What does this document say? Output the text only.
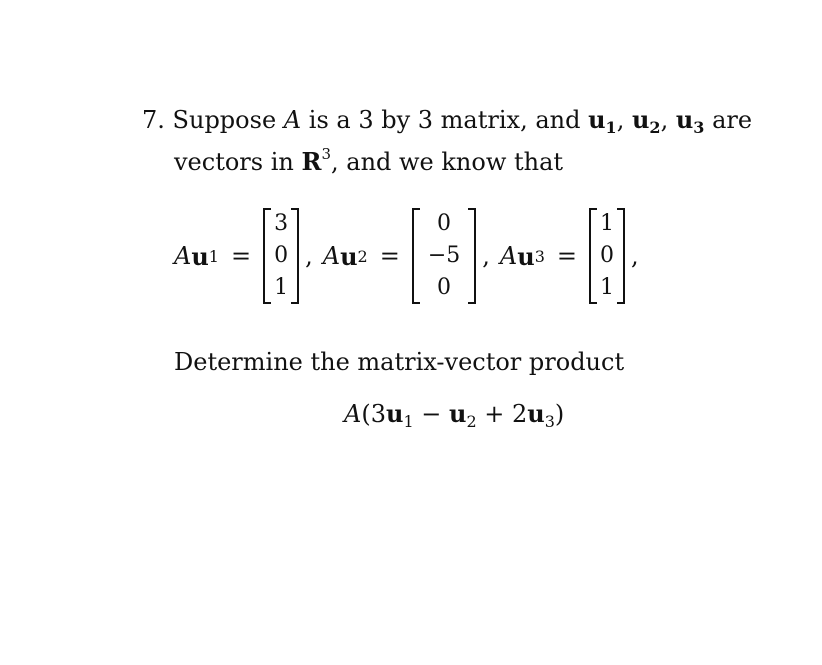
7. Suppose A is a 3 by 3 matrix, and $u_1$, $u_2$, $u_3$ are
vectors in $R^3$, and we know that
A u 1 =
3
0
1
, A u 2 =
0
−5
0
, A u 3 =
1
0
1
,
Determine the matrix-vector product
$A(3u_1 - u_2 + 2u_3)$
